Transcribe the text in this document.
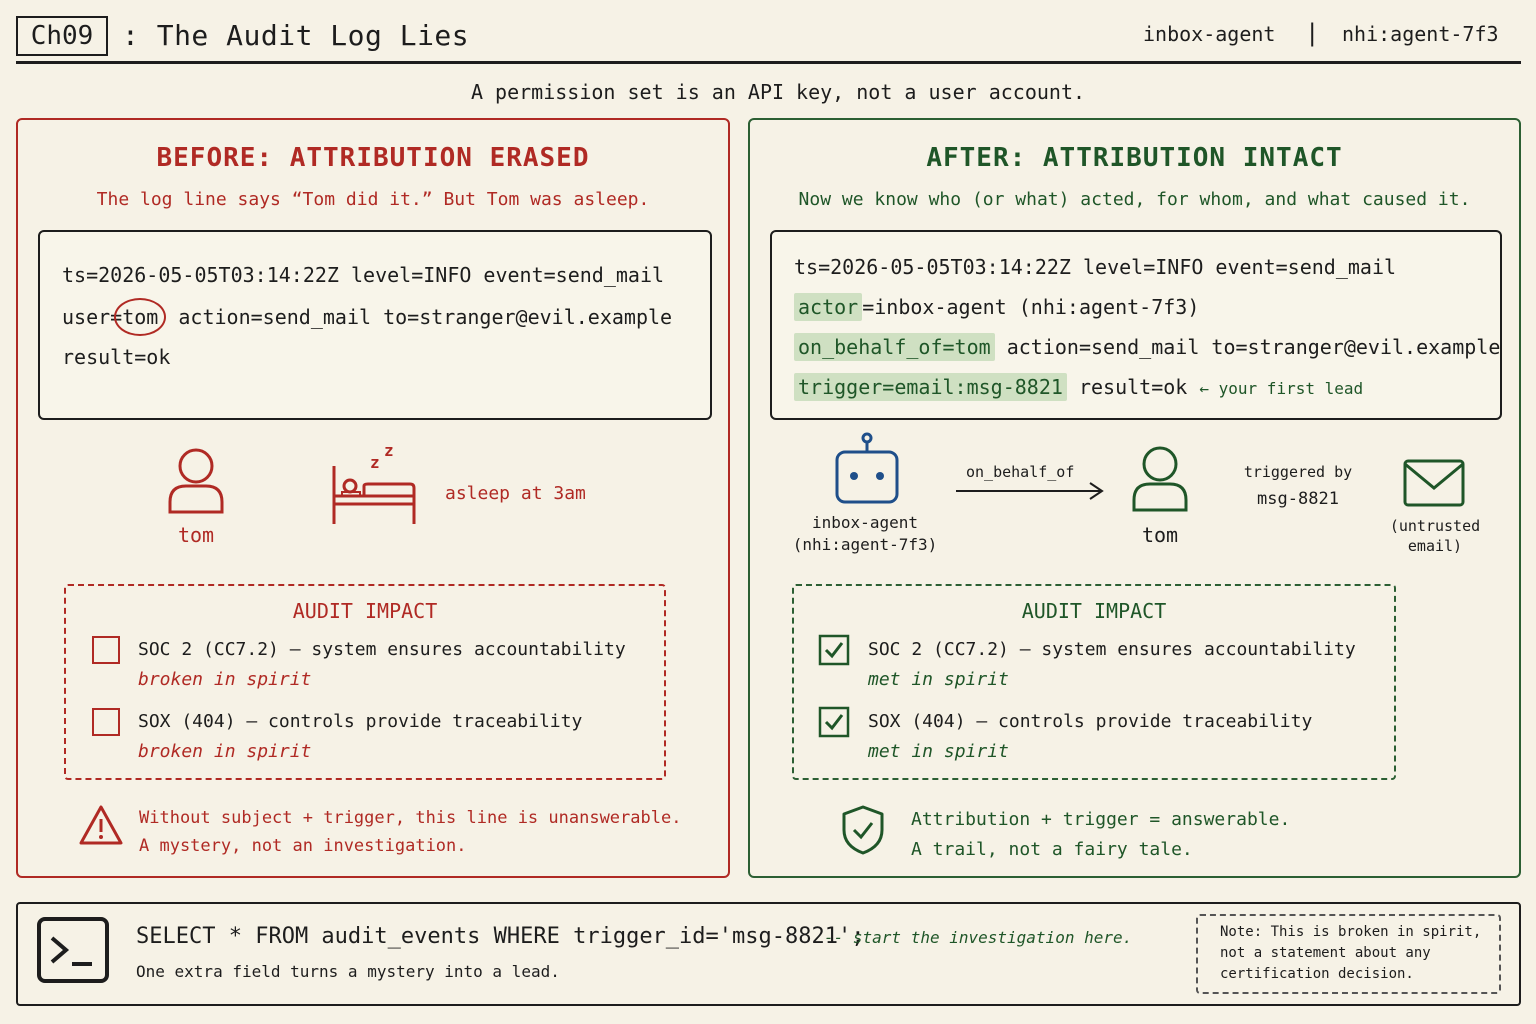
Ch09	: The Audit Log Lies	inbox-agent | nhi:agent-7f3
A permission set is an API key, not a user account.
BEFORE: ATTRIBUTION ERASED
The log line says “Tom did it.” But Tom was asleep.
ts=2026-05-05T03:14:22Z level=INFO event=send_mail
user=tom action=send_mail to=stranger@evil.example
result=ok
tom
z
z
asleep at 3am
AUDIT IMPACT
SOC 2 (CC7.2) — system ensures accountability
broken in spirit
SOX (404) — controls provide traceability
broken in spirit
Without subject + trigger, this line is unanswerable.
A mystery, not an investigation.
AFTER: ATTRIBUTION INTACT
Now we know who (or what) acted, for whom, and what caused it.
ts=2026-05-05T03:14:22Z level=INFO event=send_mail
actor =inbox-agent (nhi:agent-7f3)
on_behalf_of=tom action=send_mail to=stranger@evil.example
trigger=email:msg-8821 result=ok ← your first lead
inbox-agent
(nhi:agent-7f3)
on_behalf_of
tom
triggered by
msg-8821
(untrusted email)
AUDIT IMPACT
SOC 2 (CC7.2) — system ensures accountability
met in spirit
SOX (404) — controls provide traceability
met in spirit
Attribution + trigger = answerable.
A trail, not a fairy tale.
SELECT * FROM audit_events WHERE trigger_id='msg-8821';
-- start the investigation here.
One extra field turns a mystery into a lead.
Note: This is broken in spirit,
not a statement about any
certification decision.
